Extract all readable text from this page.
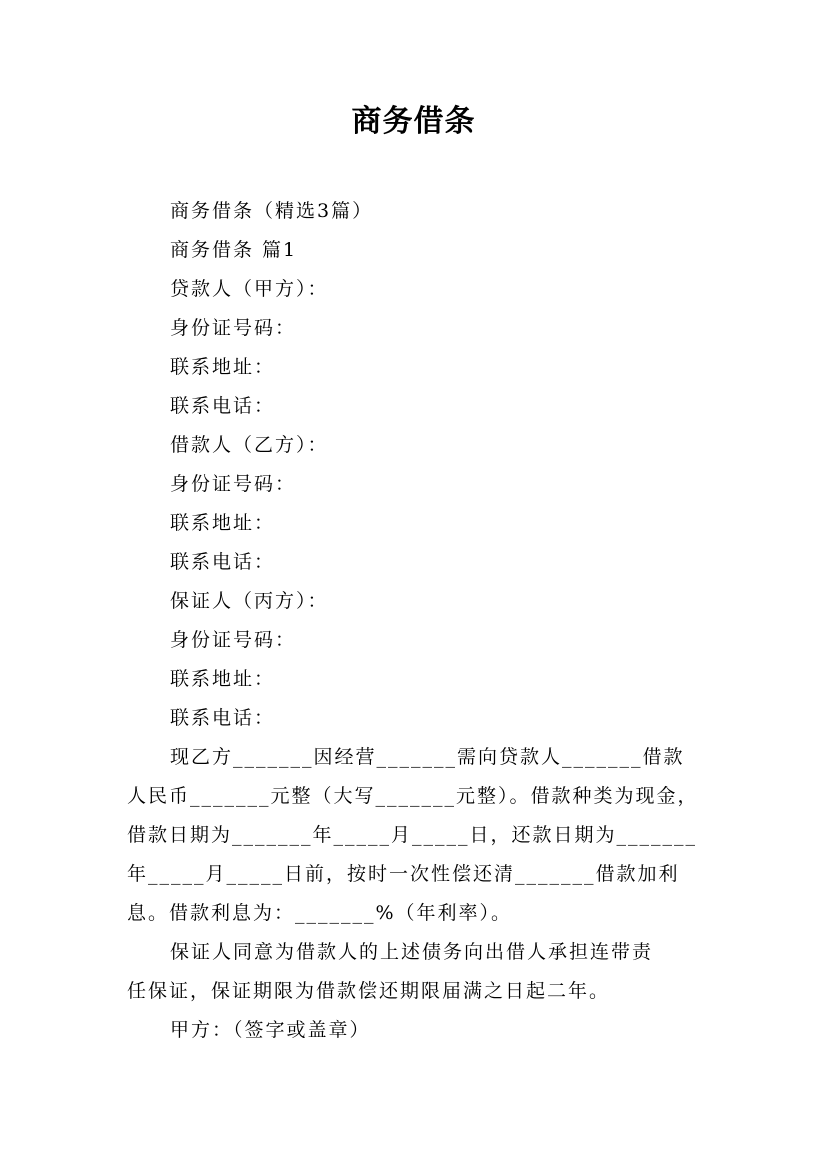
商务借条
商务借条（精选3篇）
商务借条 篇1
贷款人（甲方）：
身份证号码：
联系地址：
联系电话：
借款人（乙方）：
身份证号码：
联系地址：
联系电话：
保证人（丙方）：
身份证号码：
联系地址：
联系电话：
现乙方_______因经营_______需向贷款人_______借款
人民币_______元整（大写_______元整）。借款种类为现金，
借款日期为_______年_____月_____日，还款日期为_______
年_____月_____日前，按时一次性偿还清_______借款加利
息。借款利息为：_______%（年利率）。
保证人同意为借款人的上述债务向出借人承担连带责
任保证，保证期限为借款偿还期限届满之日起二年。
甲方：（签字或盖章）
